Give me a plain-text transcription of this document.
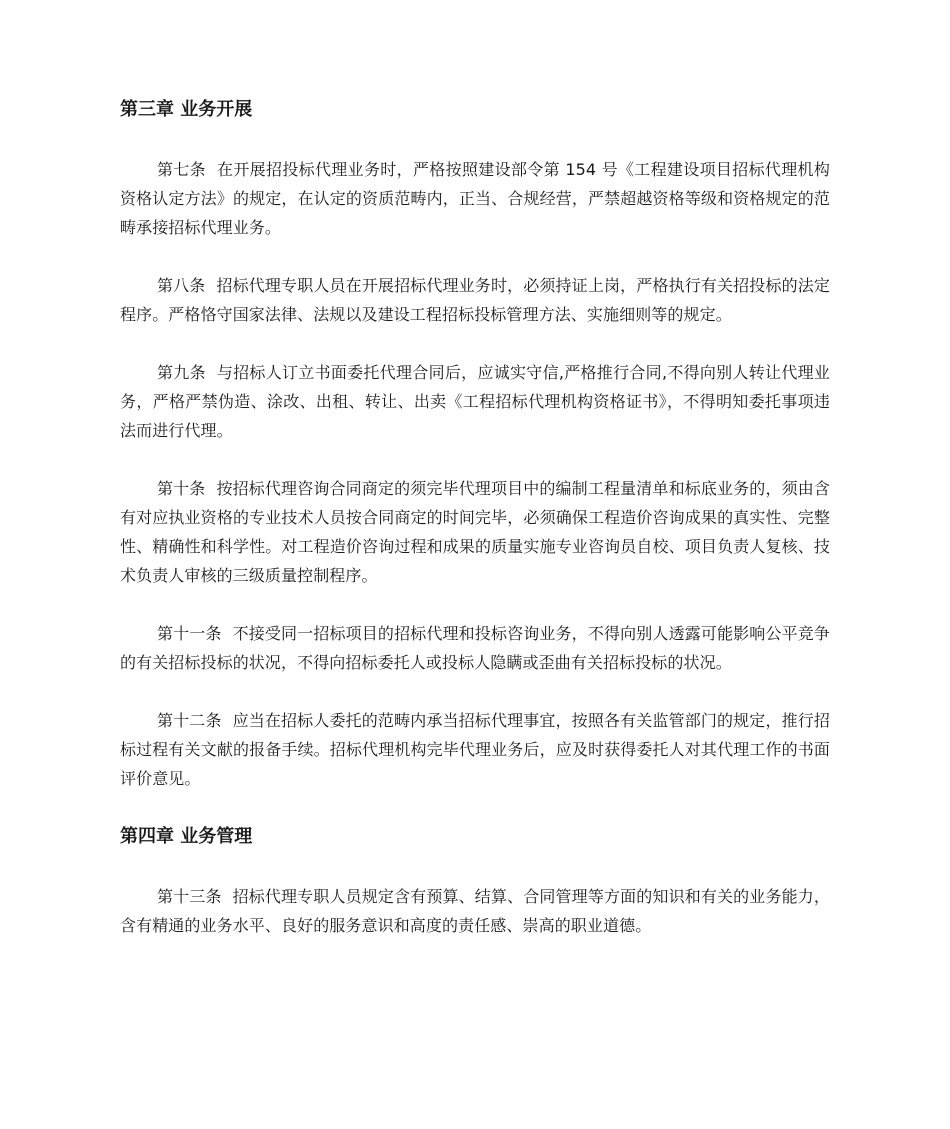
第三章 业务开展

第七条 在开展招投标代理业务时，严格按照建设部令第 154 号《工程建设项目招标代理机构资格认定方法》的规定，在认定的资质范畴内，正当、合规经营，严禁超越资格等级和资格规定的范畴承接招标代理业务。

第八条 招标代理专职人员在开展招标代理业务时，必须持证上岗，严格执行有关招投标的法定程序。严格恪守国家法律、法规以及建设工程招标投标管理方法、实施细则等的规定。

第九条 与招标人订立书面委托代理合同后，应诚实守信,严格推行合同,不得向别人转让代理业务，严格严禁伪造、涂改、出租、转让、出卖《工程招标代理机构资格证书》，不得明知委托事项违法而进行代理。

第十条 按招标代理咨询合同商定的须完毕代理项目中的编制工程量清单和标底业务的，须由含有对应执业资格的专业技术人员按合同商定的时间完毕，必须确保工程造价咨询成果的真实性、完整性、精确性和科学性。对工程造价咨询过程和成果的质量实施专业咨询员自校、项目负责人复核、技术负责人审核的三级质量控制程序。

第十一条 不接受同一招标项目的招标代理和投标咨询业务，不得向别人透露可能影响公平竞争的有关招标投标的状况，不得向招标委托人或投标人隐瞒或歪曲有关招标投标的状况。

第十二条 应当在招标人委托的范畴内承当招标代理事宜，按照各有关监管部门的规定，推行招标过程有关文献的报备手续。招标代理机构完毕代理业务后，应及时获得委托人对其代理工作的书面评价意见。

第四章 业务管理

第十三条 招标代理专职人员规定含有预算、结算、合同管理等方面的知识和有关的业务能力，含有精通的业务水平、良好的服务意识和高度的责任感、崇高的职业道德。
